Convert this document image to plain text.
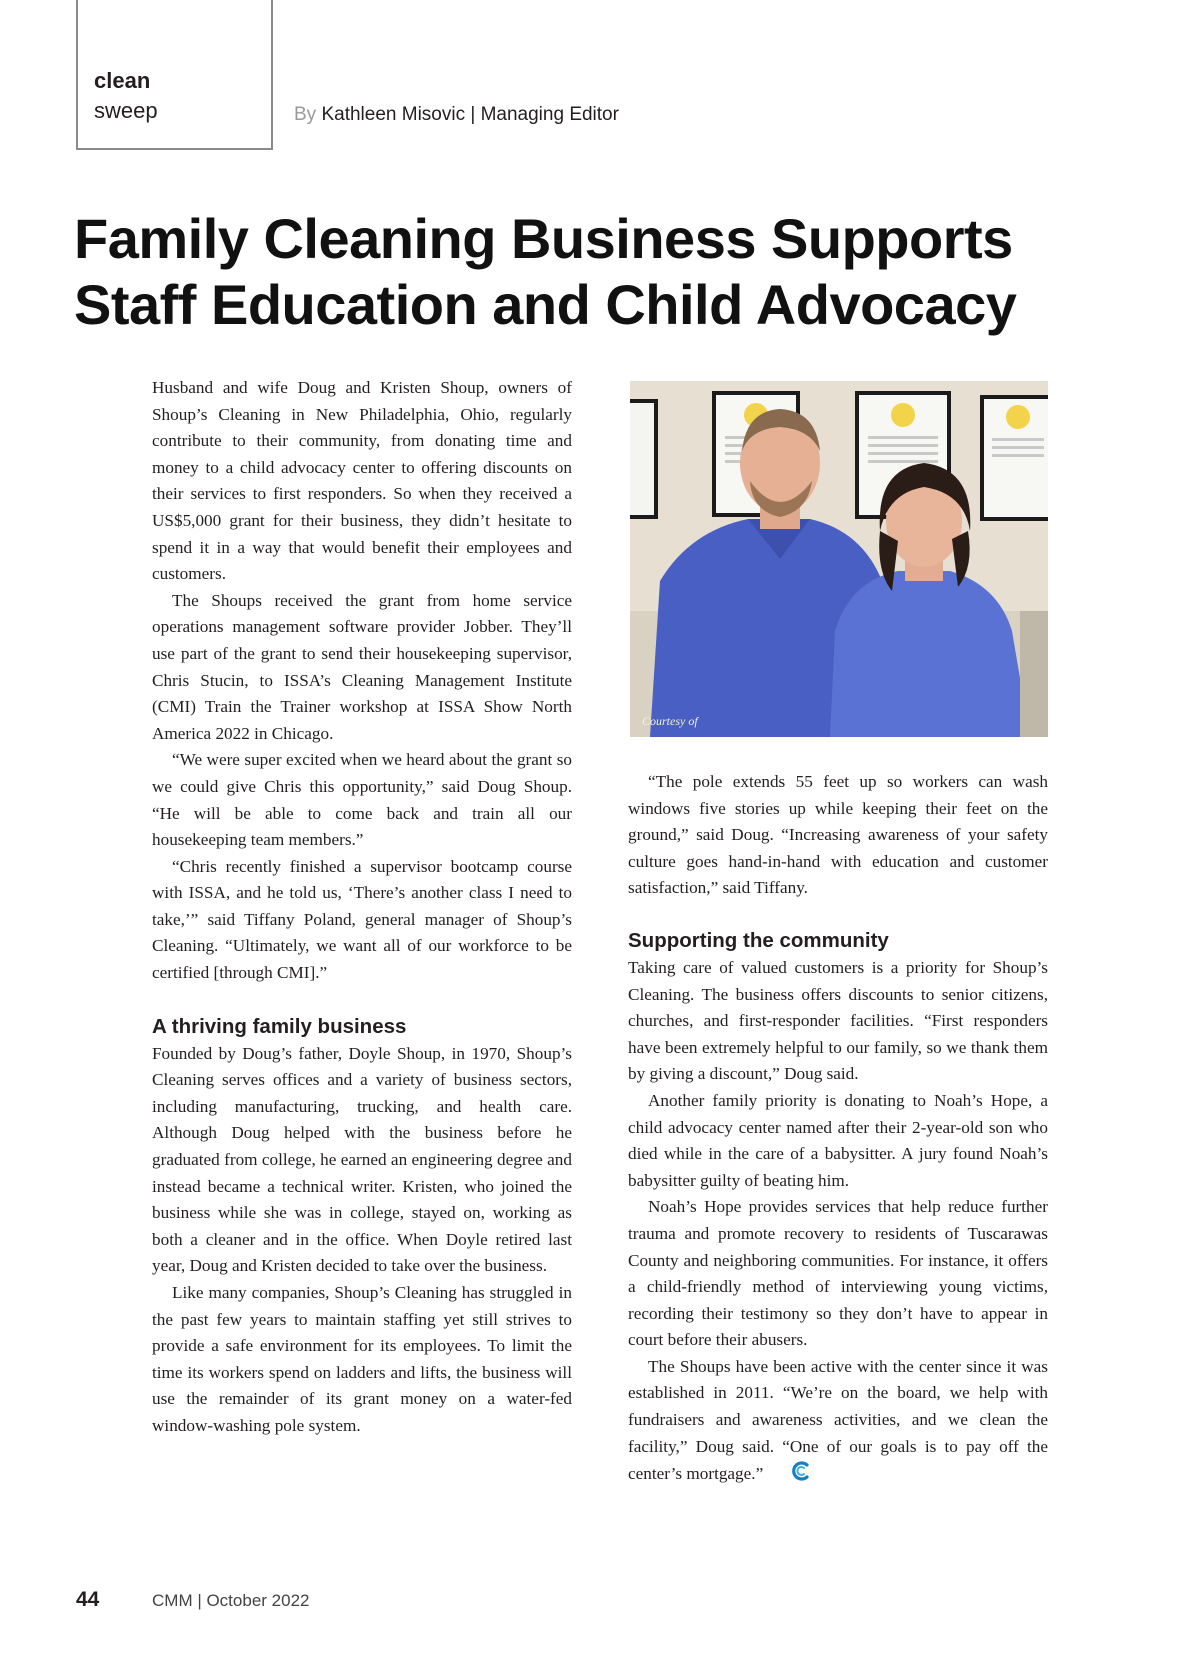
clean
sweep	By Kathleen Misovic | Managing Editor
Family Cleaning Business Supports
Staff Education and Child Advocacy

Husband and wife Doug and Kristen Shoup, owners of Shoup’s Cleaning in New Philadelphia, Ohio, regularly contribute to their community, from donating time and money to a child advocacy center to offering discounts on their services to first responders. So when they received a US$5,000 grant for their business, they didn’t hesitate to spend it in a way that would benefit their employees and customers.

The Shoups received the grant from home service operations management software provider Jobber. They’ll use part of the grant to send their housekeeping supervisor, Chris Stucin, to ISSA’s Cleaning Management Institute (CMI) Train the Trainer workshop at ISSA Show North America 2022 in Chicago.

“We were super excited when we heard about the grant so we could give Chris this opportunity,” said Doug Shoup. “He will be able to come back and train all our housekeeping team members.”

“Chris recently finished a supervisor bootcamp course with ISSA, and he told us, ‘There’s another class I need to take,’” said Tiffany Poland, general manager of Shoup’s Cleaning. “Ultimately, we want all of our workforce to be certified [through CMI].”

A thriving family business

Founded by Doug’s father, Doyle Shoup, in 1970, Shoup’s Cleaning serves offices and a variety of business sectors, including manufacturing, trucking, and health care. Although Doug helped with the business before he graduated from college, he earned an engineering degree and instead became a technical writer. Kristen, who joined the business while she was in college, stayed on, working as both a cleaner and in the office. When Doyle retired last year, Doug and Kristen decided to take over the business.

Like many companies, Shoup’s Cleaning has struggled in the past few years to maintain staffing yet still strives to provide a safe environment for its employees. To limit the time its workers spend on ladders and lifts, the business will use the remainder of its grant money on a water-fed window-washing pole system.

Courtesy of

“The pole extends 55 feet up so workers can wash windows five stories up while keeping their feet on the ground,” said Doug. “Increasing awareness of your safety culture goes hand-in-hand with education and customer satisfaction,” said Tiffany.

Supporting the community

Taking care of valued customers is a priority for Shoup’s Cleaning. The business offers discounts to senior citizens, churches, and first-responder facilities. “First responders have been extremely helpful to our family, so we thank them by giving a discount,” Doug said.

Another family priority is donating to Noah’s Hope, a child advocacy center named after their 2-year-old son who died while in the care of a babysitter. A jury found Noah’s babysitter guilty of beating him.

Noah’s Hope provides services that help reduce further trauma and promote recovery to residents of Tuscarawas County and neighboring communities. For instance, it offers a child-friendly method of interviewing young victims, recording their testimony so they don’t have to appear in court before their abusers.

The Shoups have been active with the center since it was established in 2011. “We’re on the board, we help with fundraisers and awareness activities, and we clean the facility,” Doug said. “One of our goals is to pay off the center’s mortgage.”

44	CMM | October 2022
